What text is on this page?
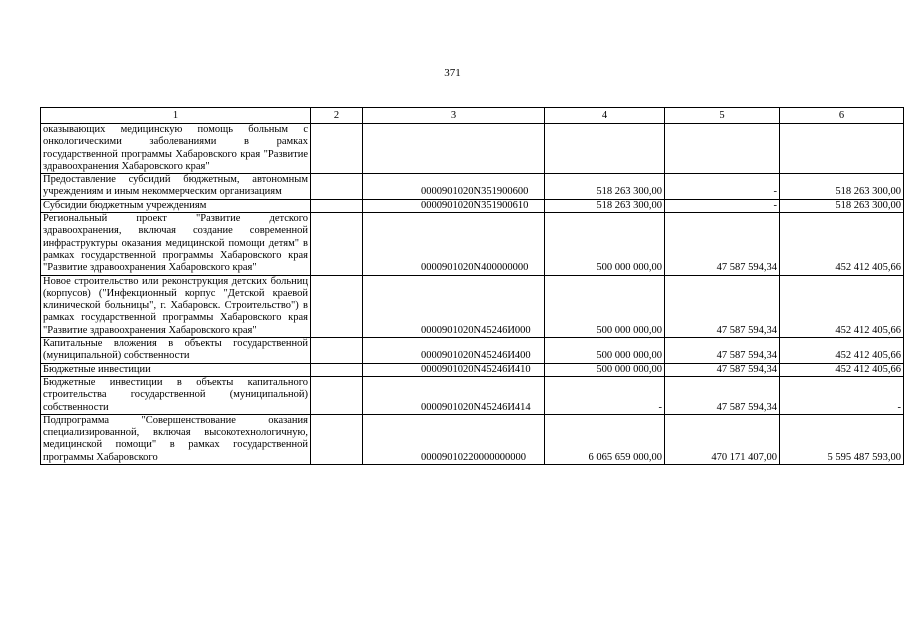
371
1	2	3	4	5	6
оказывающих медицинскую помощь больным с онкологическими заболеваниями в рамках государственной программы Хабаровского края "Развитие здравоохранения Хабаровского края"					
Предоставление субсидий бюджетным, автономным учреждениям и иным некоммерческим организациям		0000901020N351900600	518 263 300,00	-	518 263 300,00
Субсидии бюджетным учреждениям		0000901020N351900610	518 263 300,00	-	518 263 300,00
Региональный проект "Развитие детского здравоохранения, включая создание современной инфраструктуры оказания медицинской помощи детям" в рамках государственной программы Хабаровского края "Развитие здравоохранения Хабаровского края"		0000901020N400000000	500 000 000,00	47 587 594,34	452 412 405,66
Новое строительство или реконструкция детских больниц (корпусов) ("Инфекционный корпус "Детской краевой клинической больницы", г. Хабаровск. Строительство") в рамках государственной программы Хабаровского края "Развитие здравоохранения Хабаровского края"		0000901020N45246И000	500 000 000,00	47 587 594,34	452 412 405,66
Капитальные вложения в объекты государственной (муниципальной) собственности		0000901020N45246И400	500 000 000,00	47 587 594,34	452 412 405,66
Бюджетные инвестиции		0000901020N45246И410	500 000 000,00	47 587 594,34	452 412 405,66
Бюджетные инвестиции в объекты капитального строительства государственной (муниципальной) собственности		0000901020N45246И414	-	47 587 594,34	-
Подпрограмма "Совершенствование оказания специализированной, включая высокотехнологичную, медицинской помощи" в рамках государственной программы Хабаровского		00009010220000000000	6 065 659 000,00	470 171 407,00	5 595 487 593,00
